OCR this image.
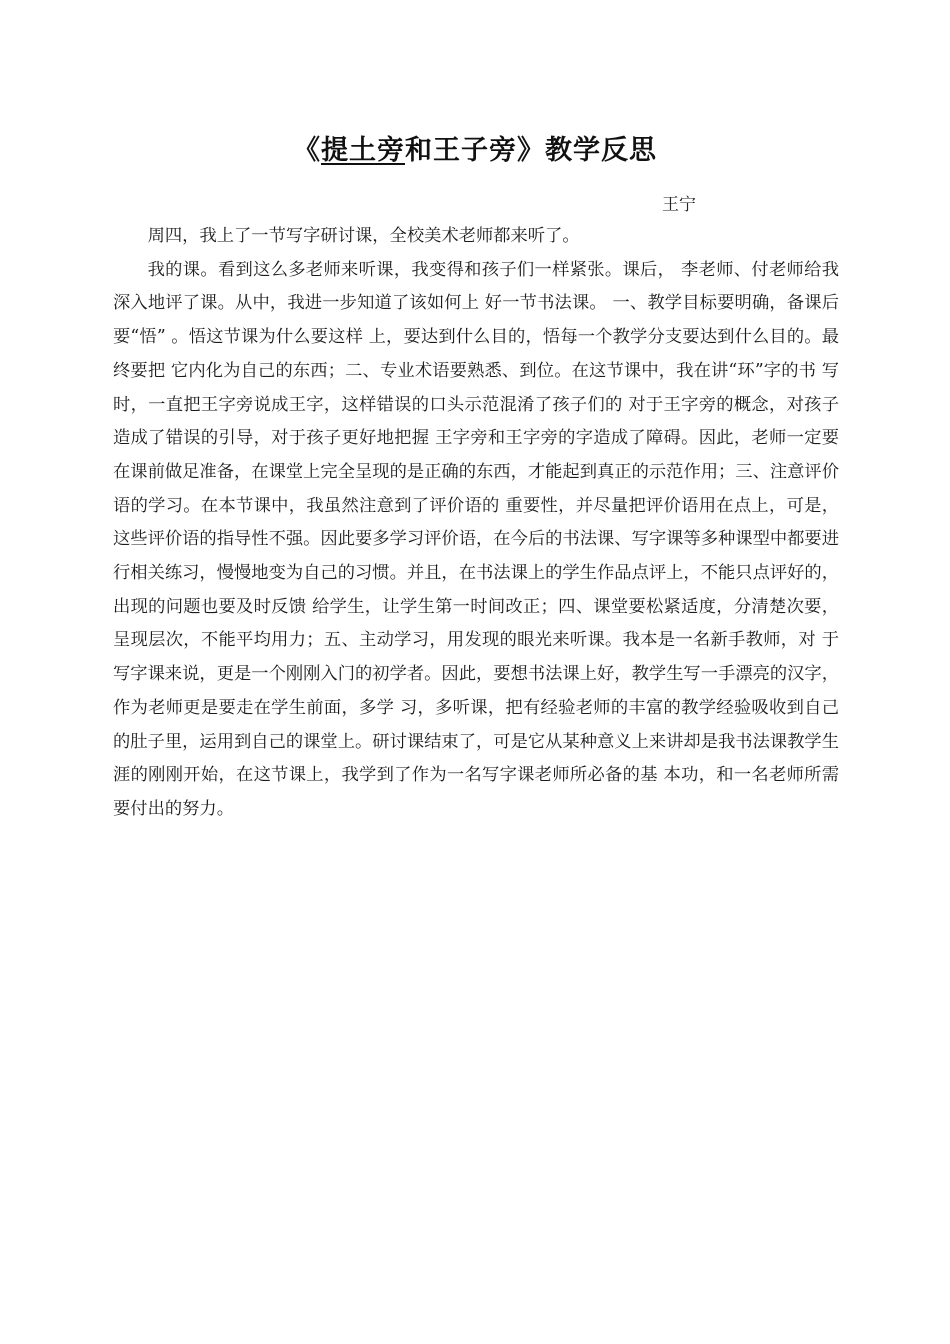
《提土旁和王子旁》教学反思
王宁

周四，我上了一节写字研讨课，全校美术老师都来听了。

我的课。看到这么多老师来听课，我变得和孩子们一样紧张。课后， 李老师、付老师给我深入地评了课。从中，我进一步知道了该如何上 好一节书法课。 一、教学目标要明确，备课后要“悟” 。悟这节课为什么要这样 上，要达到什么目的，悟每一个教学分支要达到什么目的。最终要把 它内化为自己的东西；二、专业术语要熟悉、到位。在这节课中，我在讲“环”字的书 写时，一直把王字旁说成王字，这样错误的口头示范混淆了孩子们的 对于王字旁的概念，对孩子造成了错误的引导，对于孩子更好地把握 王字旁和王字旁的字造成了障碍。因此，老师一定要在课前做足准备，在课堂上完全呈现的是正确的东西，才能起到真正的示范作用；三、注意评价语的学习。在本节课中，我虽然注意到了评价语的 重要性，并尽量把评价语用在点上，可是，这些评价语的指导性不强。因此要多学习评价语，在今后的书法课、写字课等多种课型中都要进行相关练习，慢慢地变为自己的习惯。并且，在书法课上的学生作品点评上，不能只点评好的，出现的问题也要及时反馈 给学生，让学生第一时间改正；四、课堂要松紧适度，分清楚次要，呈现层次，不能平均用力；五、主动学习，用发现的眼光来听课。我本是一名新手教师，对 于写字课来说，更是一个刚刚入门的初学者。因此，要想书法课上好，教学生写一手漂亮的汉字，作为老师更是要走在学生前面，多学 习，多听课，把有经验老师的丰富的教学经验吸收到自己的肚子里，运用到自己的课堂上。研讨课结束了，可是它从某种意义上来讲却是我书法课教学生涯的刚刚开始，在这节课上，我学到了作为一名写字课老师所必备的基 本功，和一名老师所需要付出的努力。
